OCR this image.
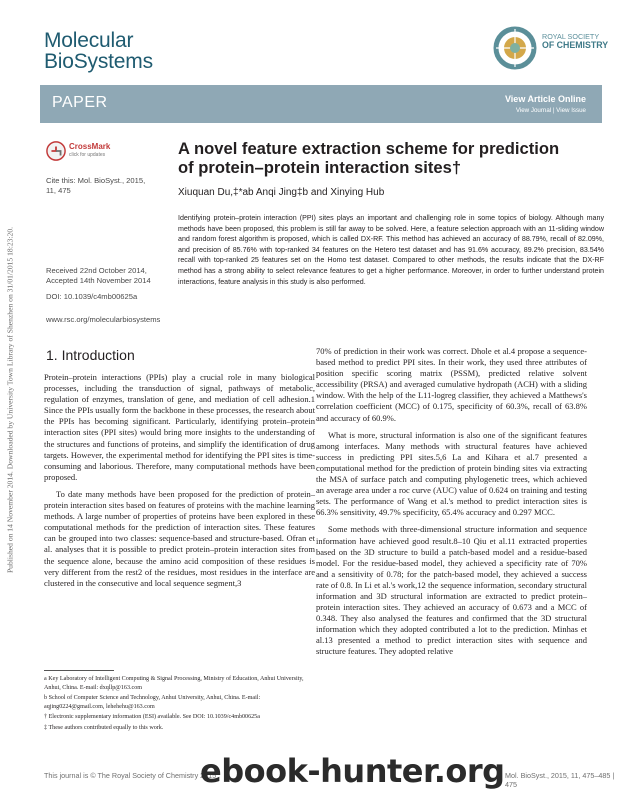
Published on 14 November 2014. Downloaded by University Town Library of Shenzhen on 31/01/2015 18:23:20.
Molecular
BioSystems
ROYAL SOCIETY
OF CHEMISTRY
PAPER	View Article Online
View Journal | View Issue
CrossMark
click for updates
Cite this: Mol. BioSyst., 2015,
11, 475
Received 22nd October 2014,
Accepted 14th November 2014
DOI: 10.1039/c4mb00625a
www.rsc.org/molecularbiosystems
A novel feature extraction scheme for prediction
of protein–protein interaction sites†
Xiuquan Du,‡*ab Anqi Jing‡b and Xinying Hub
Identifying protein–protein interaction (PPI) sites plays an important and challenging role in some topics of biology. Although many methods have been proposed, this problem is still far away to be solved. Here, a feature selection approach with an 11-sliding window and random forest algorithm is proposed, which is called DX-RF. This method has achieved an accuracy of 88.79%, recall of 82.09%, and precision of 85.76% with top-ranked 34 features on the Hetero test dataset and has 91.6% accuracy, 89.2% precision, 83.54% recall with top-ranked 25 features set on the Homo test dataset. Compared to other methods, the results indicate that the DX-RF method has a strong ability to select relevance features to get a higher performance. Moreover, in order to further understand protein interactions, feature analysis in this study is also performed.
1. Introduction

Protein–protein interactions (PPIs) play a crucial role in many biological processes, including the transduction of signal, pathways of metabolic, regulation of enzymes, translation of gene, and mediation of cell adhesion.1 Since the PPIs usually form the backbone in these processes, the research about the PPIs has becoming significant. Particularly, identifying protein–protein interaction sites (PPI sites) would bring more insights to the understanding of the structures and functions of proteins, and simplify the identification of drug targets. However, the experimental method for identifying the PPI sites is time-consuming and laborious. Therefore, many computational methods have been proposed.

To date many methods have been proposed for the prediction of protein–protein interaction sites based on features of proteins with the machine learning methods. A large number of properties of proteins have been explored in these computational methods for the prediction of interaction sites. These features can be grouped into two classes: sequence-based and structure-based. Ofran et al. analyses that it is possible to predict protein–protein interaction sites from the sequence alone, because the amino acid composition of these residues is very different from the rest2 of the residues, most residues in the interface are clustered in the consecutive and local sequence segment,3

70% of prediction in their work was correct. Dhole et al.4 propose a sequence-based method to predict PPI sites. In their work, they used three attributes of position specific scoring matrix (PSSM), predicted relative solvent accessibility (PRSA) and averaged cumulative hydropath (ACH) with a sliding window. With the help of the L11-logreg classifier, they achieved a Matthews's correlation coefficient (MCC) of 0.175, specificity of 60.3%, recall of 63.8% and accuracy of 60.9%.

What is more, structural information is also one of the significant features among interfaces. Many methods with structural features have achieved success in predicting PPI sites.5,6 La and Kihara et al.7 presented a computational method for the prediction of protein binding sites via extracting the MSA of surface patch and computing phylogenetic trees, which achieved an average area under a roc curve (AUC) value of 0.624 on training and testing sets. The performance of Wang et al.'s method to predict interaction sites is 66.3% sensitivity, 49.7% specificity, 65.4% accuracy and 0.297 MCC.

Some methods with three-dimensional structure information and sequence information have achieved good result.8–10 Qiu et al.11 extracted properties based on the 3D structure to build a patch-based model and a residue-based model. For the residue-based model, they achieved a specificity rate of 70% and a sensitivity of 0.78; for the patch-based model, they achieved a success rate of 0.8. In Li et al.'s work,12 the sequence information, secondary structural information and 3D structural information are extracted to predict protein–protein interaction sites. They achieved an accuracy of 0.673 and a MCC of 0.348. They also analysed the features and confirmed that the 3D structural information which they adopted contributed a lot to the prediction. Minhas et al.13 presented a method to predict interaction sites with sequence and structure features. They adopted relative

a Key Laboratory of Intelligent Computing & Signal Processing, Ministry of Education, Anhui University, Anhui, China. E-mail: dxqllp@163.com

b School of Computer Science and Technology, Anhui University, Anhui, China. E-mail: aqjing0224@gmail.com, lehehehu@163.com

† Electronic supplementary information (ESI) available. See DOI: 10.1039/c4mb00625a

‡ These authors contributed equally to this work.

This journal is © The Royal Society of Chemistry 2015	Mol. BioSyst., 2015, 11, 475–485 | 475
ebook-hunter.org
